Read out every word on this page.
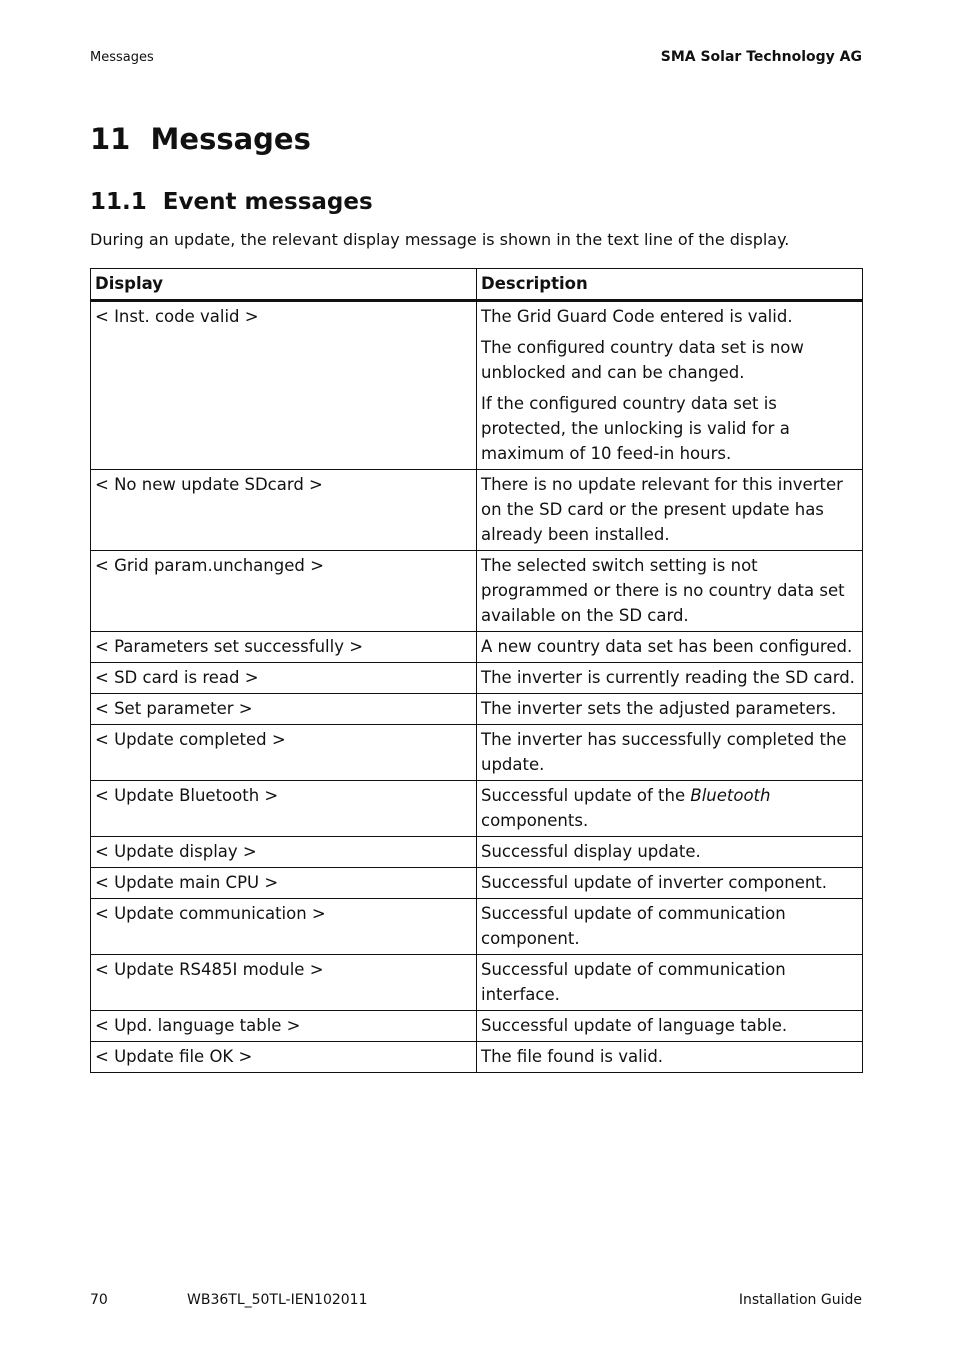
Messages	SMA Solar Technology AG
11  Messages
11.1  Event messages

During an update, the relevant display message is shown in the text line of the display.

Display	Description
< Inst. code valid >	The Grid Guard Code entered is valid.

The configured country data set is now unblocked and can be changed.

If the configured country data set is protected, the unlocking is valid for a maximum of 10 feed-in hours.

< No new update SDcard >	There is no update relevant for this inverter on the SD card or the present update has already been installed.

< Grid param.unchanged >	The selected switch setting is not programmed or there is no country data set available on the SD card.

< Parameters set successfully >	A new country data set has been configured.

< SD card is read >	The inverter is currently reading the SD card.

< Set parameter >	The inverter sets the adjusted parameters.

< Update completed >	The inverter has successfully completed the update.

< Update Bluetooth >	Successful update of the Bluetooth components.

< Update display >	Successful display update.

< Update main CPU >	Successful update of inverter component.

< Update communication >	Successful update of communication component.

< Update RS485I module >	Successful update of communication interface.

< Upd. language table >	Successful update of language table.

< Update file OK >	The file found is valid.

70	WB36TL_50TL-IEN102011	Installation Guide
